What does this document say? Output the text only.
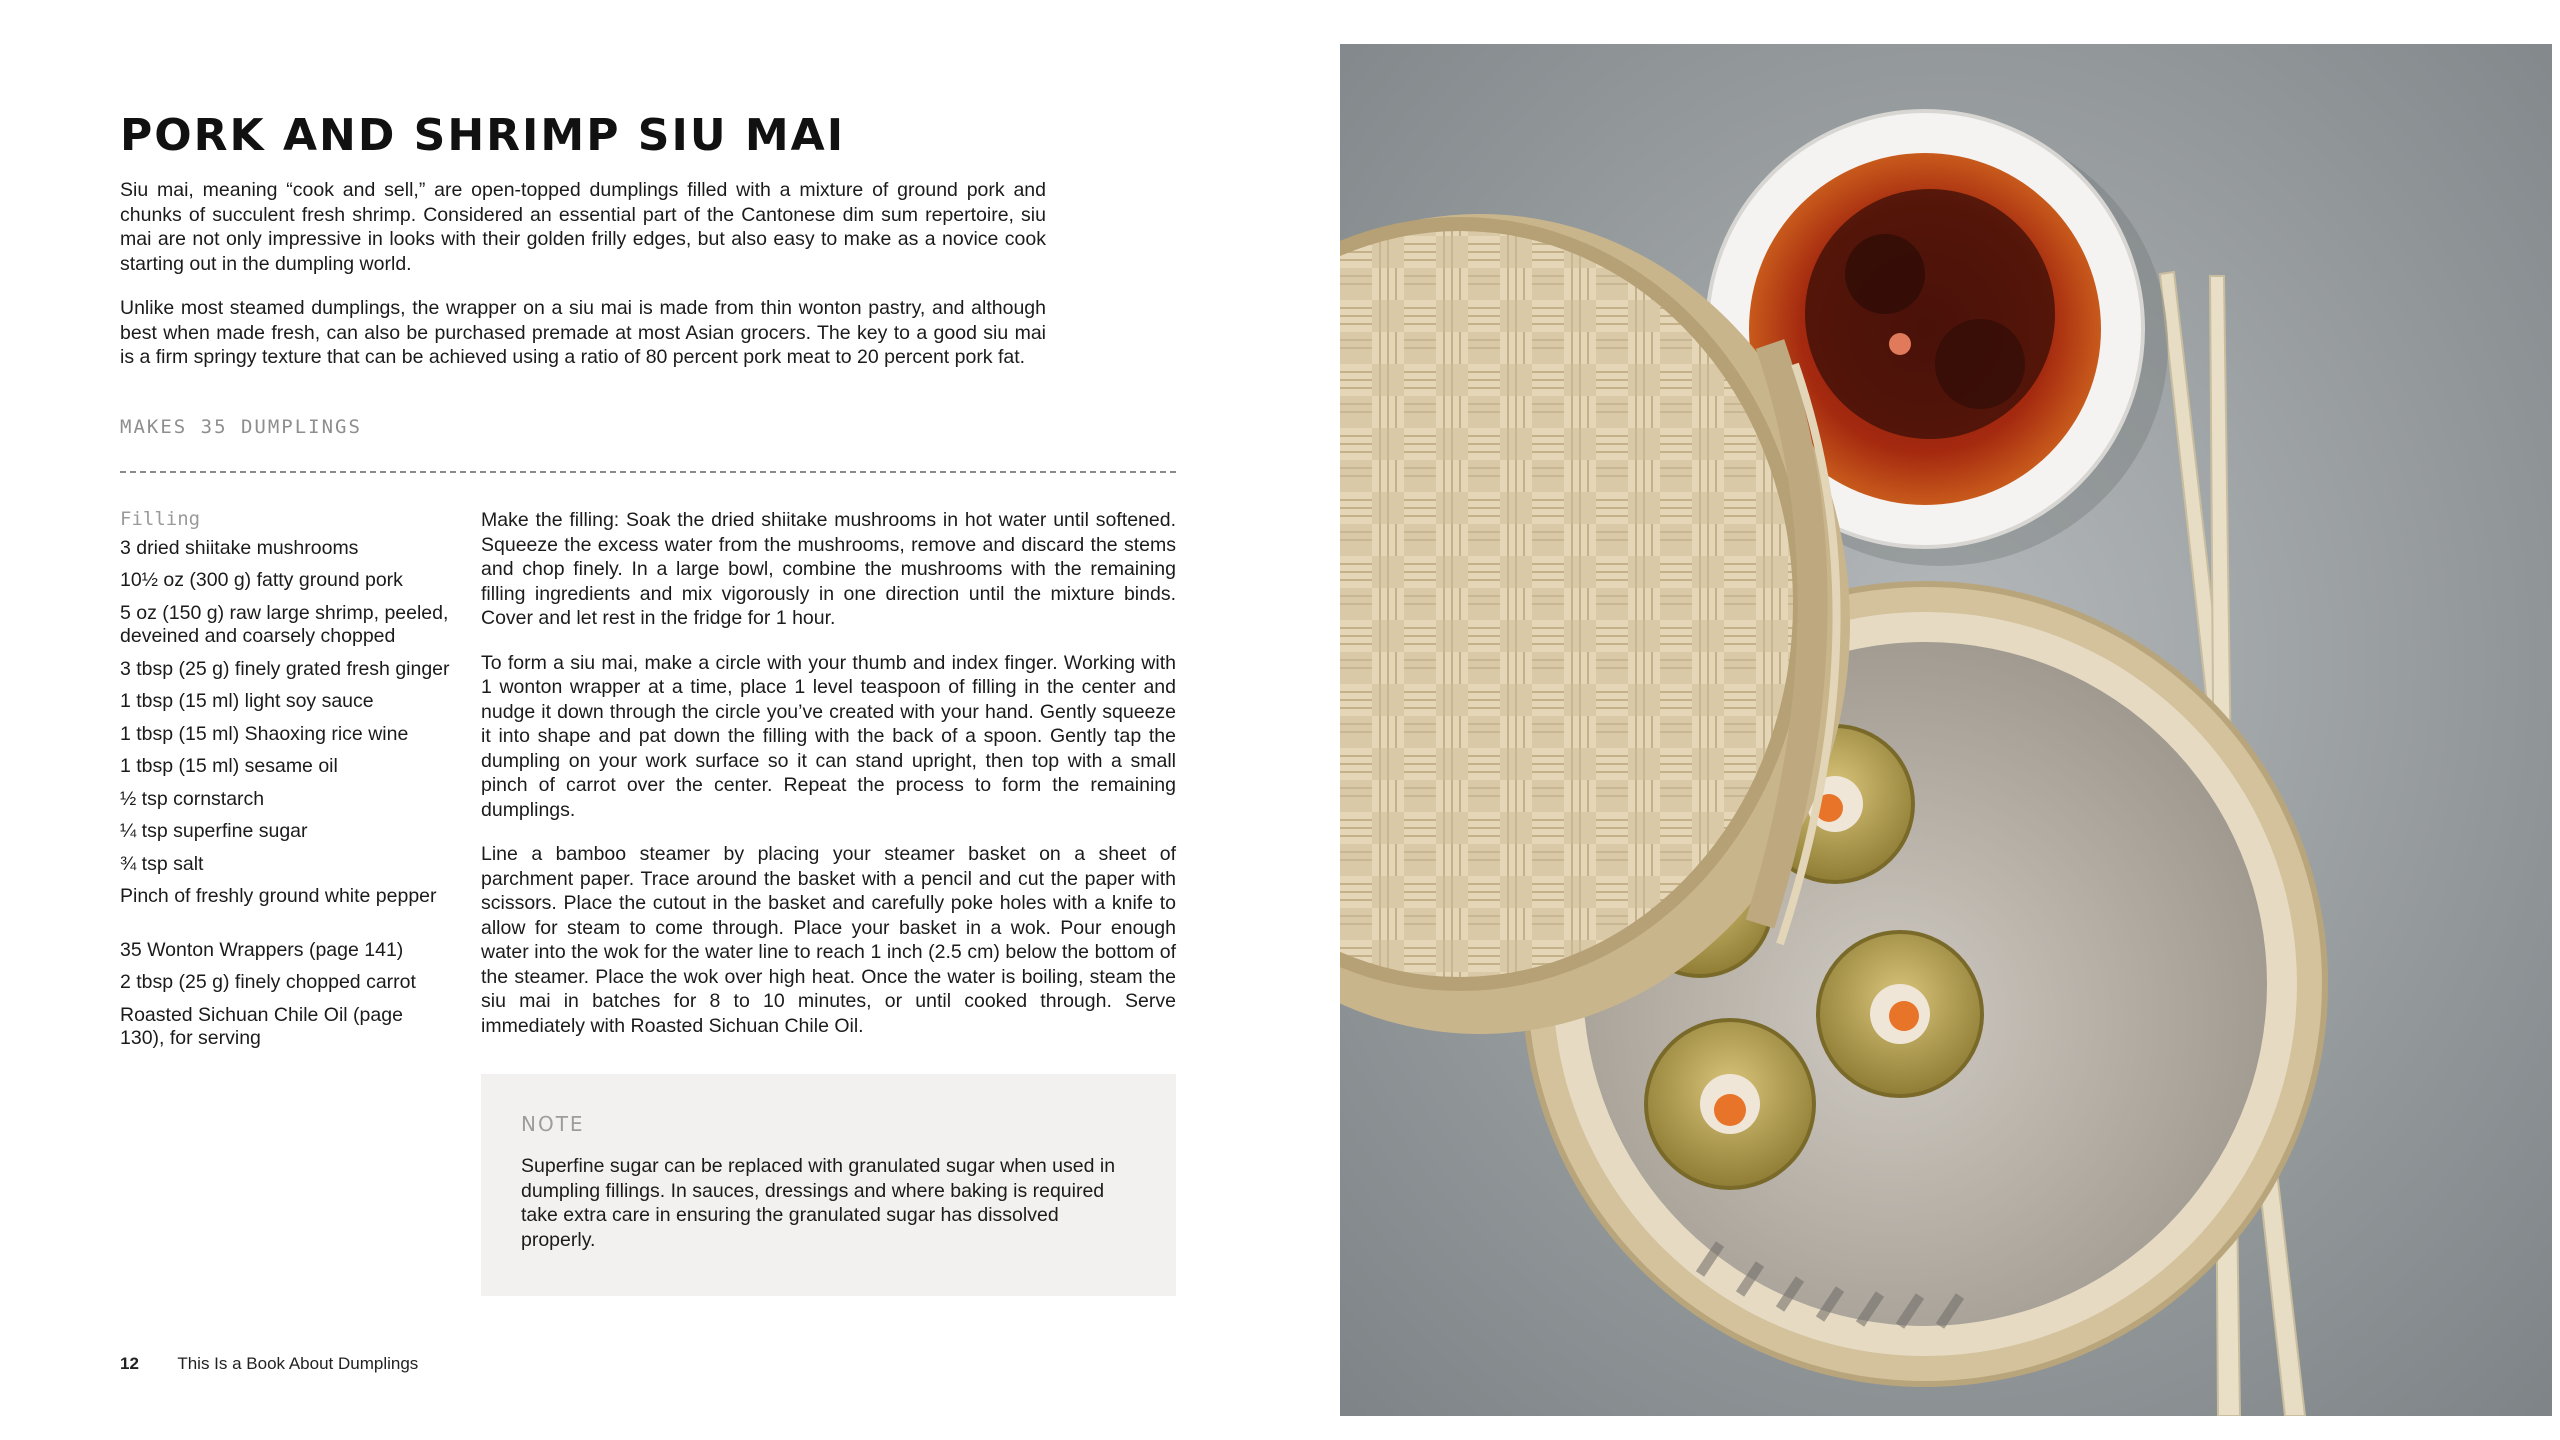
PORK AND SHRIMP SIU MAI

Siu mai, meaning “cook and sell,” are open-topped dumplings filled with a mixture of ground pork and chunks of succulent fresh shrimp. Considered an essential part of the Cantonese dim sum repertoire, siu mai are not only impressive in looks with their golden frilly edges, but also easy to make as a novice cook starting out in the dumpling world.

Unlike most steamed dumplings, the wrapper on a siu mai is made from thin wonton pastry, and although best when made fresh, can also be purchased premade at most Asian grocers. The key to a good siu mai is a firm springy texture that can be achieved using a ratio of 80 percent pork meat to 20 percent pork fat.

MAKES 35 DUMPLINGS
Filling
3 dried shiitake mushrooms
10½ oz (300 g) fatty ground pork
5 oz (150 g) raw large shrimp, peeled, deveined and coarsely chopped
3 tbsp (25 g) finely grated fresh ginger
1 tbsp (15 ml) light soy sauce
1 tbsp (15 ml) Shaoxing rice wine
1 tbsp (15 ml) sesame oil
½ tsp cornstarch
¼ tsp superfine sugar
¾ tsp salt
Pinch of freshly ground white pepper
35 Wonton Wrappers (page 141)
2 tbsp (25 g) finely chopped carrot
Roasted Sichuan Chile Oil (page 130), for serving

Make the filling: Soak the dried shiitake mushrooms in hot water until softened. Squeeze the excess water from the mushrooms, remove and discard the stems and chop finely. In a large bowl, combine the mushrooms with the remaining filling ingredients and mix vigorously in one direction until the mixture binds. Cover and let rest in the fridge for 1 hour.

To form a siu mai, make a circle with your thumb and index finger. Working with 1 wonton wrapper at a time, place 1 level teaspoon of filling in the center and nudge it down through the circle you’ve created with your hand. Gently squeeze it into shape and pat down the filling with the back of a spoon. Gently tap the dumpling on your work surface so it can stand upright, then top with a small pinch of carrot over the center. Repeat the process to form the remaining dumplings.

Line a bamboo steamer by placing your steamer basket on a sheet of parchment paper. Trace around the basket with a pencil and cut the paper with scissors. Place the cutout in the basket and carefully poke holes with a knife to allow for steam to come through. Place your basket in a wok. Pour enough water into the wok for the water line to reach 1 inch (2.5 cm) below the bottom of the steamer. Place the wok over high heat. Once the water is boiling, steam the siu mai in batches for 8 to 10 minutes, or until cooked through. Serve immediately with Roasted Sichuan Chile Oil.

NOTE

Superfine sugar can be replaced with granulated sugar when used in dumpling fillings. In sauces, dressings and where baking is required take extra care in ensuring the granulated sugar has dissolved properly.

12 This Is a Book About Dumplings
